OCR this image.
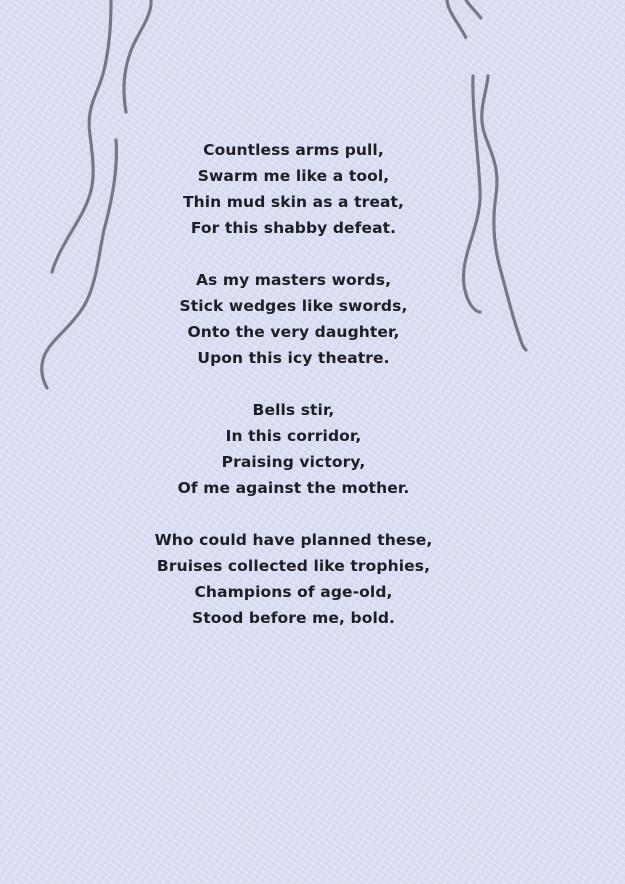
Countless arms pull,
Swarm me like a tool,
Thin mud skin as a treat,
For this shabby defeat.
As my masters words,
Stick wedges like swords,
Onto the very daughter,
Upon this icy theatre.
Bells stir,
In this corridor,
Praising victory,
Of me against the mother.
Who could have planned these,
Bruises collected like trophies,
Champions of age-old,
Stood before me, bold.
